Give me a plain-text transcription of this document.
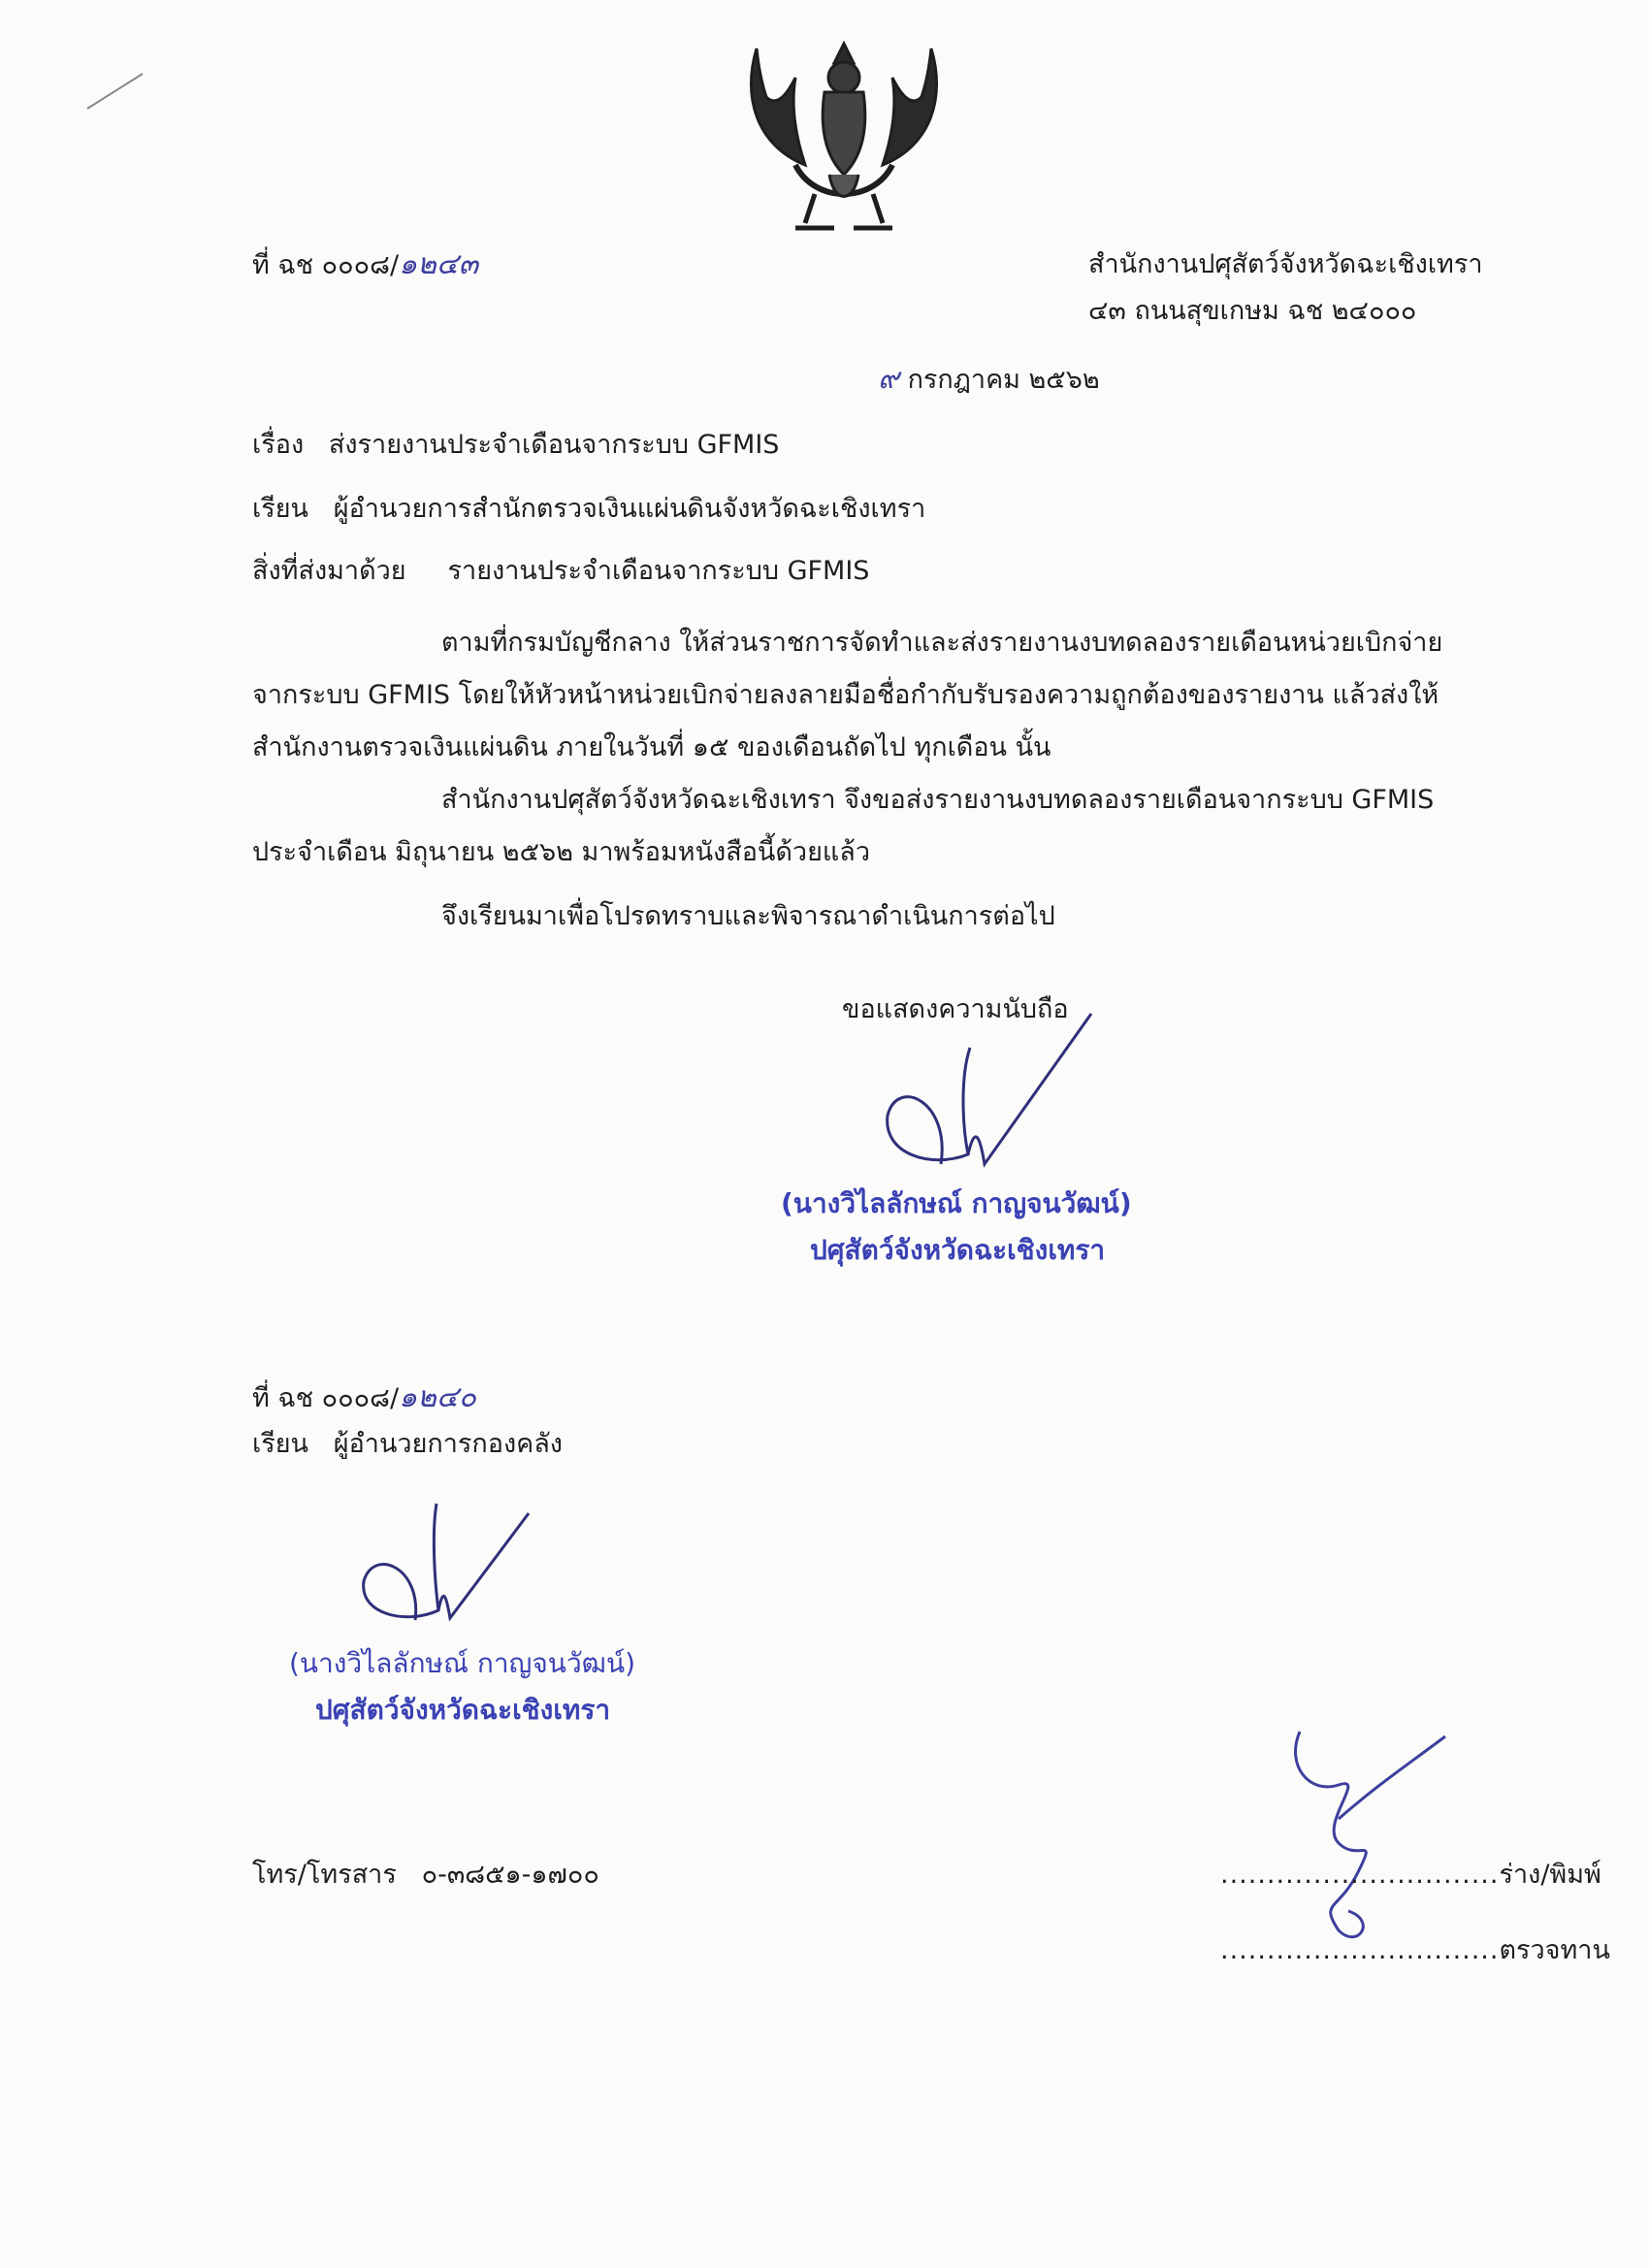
ที่ ฉช ๐๐๐๘/๑๒๔๓	สำนักงานปศุสัตว์จังหวัดฉะเชิงเทรา
๔๓ ถนนสุขเกษม ฉช ๒๔๐๐๐
๙ กรกฎาคม ๒๕๖๒
เรื่อง ส่งรายงานประจำเดือนจากระบบ GFMIS
เรียน ผู้อำนวยการสำนักตรวจเงินแผ่นดินจังหวัดฉะเชิงเทรา
สิ่งที่ส่งมาด้วย รายงานประจำเดือนจากระบบ GFMIS
ตามที่กรมบัญชีกลาง ให้ส่วนราชการจัดทำและส่งรายงานงบทดลองรายเดือนหน่วยเบิกจ่าย
จากระบบ GFMIS โดยให้หัวหน้าหน่วยเบิกจ่ายลงลายมือชื่อกำกับรับรองความถูกต้องของรายงาน แล้วส่งให้
สำนักงานตรวจเงินแผ่นดิน ภายในวันที่ ๑๕ ของเดือนถัดไป ทุกเดือน นั้น
สำนักงานปศุสัตว์จังหวัดฉะเชิงเทรา จึงขอส่งรายงานงบทดลองรายเดือนจากระบบ GFMIS
ประจำเดือน มิถุนายน ๒๕๖๒ มาพร้อมหนังสือนี้ด้วยแล้ว
จึงเรียนมาเพื่อโปรดทราบและพิจารณาดำเนินการต่อไป
ขอแสดงความนับถือ
(นางวิไลลักษณ์ กาญจนวัฒน์)
ปศุสัตว์จังหวัดฉะเชิงเทรา
ที่ ฉช ๐๐๐๘/๑๒๔๐
เรียน ผู้อำนวยการกองคลัง
(นางวิไลลักษณ์ กาญจนวัฒน์)
ปศุสัตว์จังหวัดฉะเชิงเทรา
โทร/โทรสาร ๐-๓๘๕๑-๑๗๐๐	..............................ร่าง/พิมพ์
..............................ตรวจทาน
